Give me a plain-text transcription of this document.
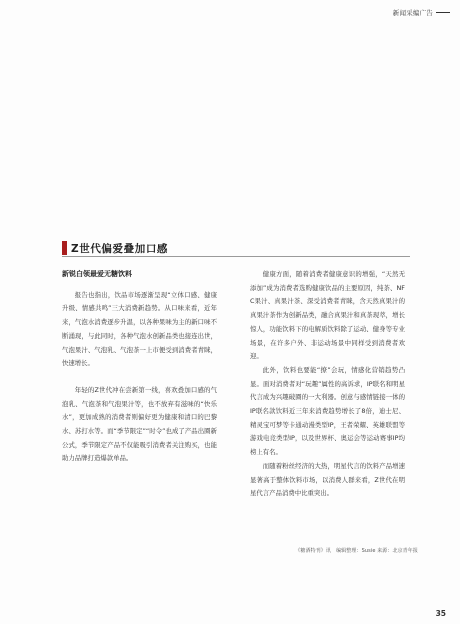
新闻采编广告
Z世代偏爱叠加口感

新锐白领最爱无糖饮料

报告也指出，饮品市场逐渐呈现“立体口感、健康升级、情感共鸣”三大消费新趋势。从口味来看，近年来，气泡水消费逐步升温，以各种果味为主的新口味不断涌现，与此同时，各种气泡水创新品类也接连出世，气泡果汁、气泡乳、气泡茶一上市便受到消费者青睐，快速增长。

年轻的Z世代冲在尝新第一线，喜欢叠加口感的气泡乳、气泡茶和气泡果汁等，也不放弃有滋味的“快乐水”，更加成熟的消费者则偏好更为健康和清口的巴黎水、苏打水等。而“季节限定”“时令”也成了产品出圈新公式，季节限定产品不仅能吸引消费者关注购买，也能助力品牌打造爆款单品。

健康方面，随着消费者健康意识的增强，“天然无添加”成为消费者选购健康饮品的主要原因，纯茶、NFC果汁、真果汁茶、深受消费者青睐，含天然真果汁的真果汁茶作为创新品类，融合真果汁和真茶现萃，增长惊人，功能饮料下的电解质饮料除了运动、健身等专业场景，在许多户外、非运动场景中同样受到消费者欢迎。

此外，饮料也要能“撩”会玩，情感化营销趋势凸显。面对消费者对“玩趣”属性的高诉求，IP联名和明星代言成为兴趣破圈的一大利器。创意与感情链接一体的IP联名款饮料近三年来消费趋势增长了8倍，迪士尼、精灵宝可梦等卡通动漫类型IP，王者荣耀、英雄联盟等游戏电竞类型IP，以及世界杯、奥运会等运动赛事IP均榜上有名。

而随着粉丝经济的大热，明星代言的饮料产品增速显著高于整体饮料市场，以消费人群来看，Z世代在明星代言产品消费中比重突出。

《糖酒特刊》讯　编辑整理：Susie 来源：北京青年报
35
